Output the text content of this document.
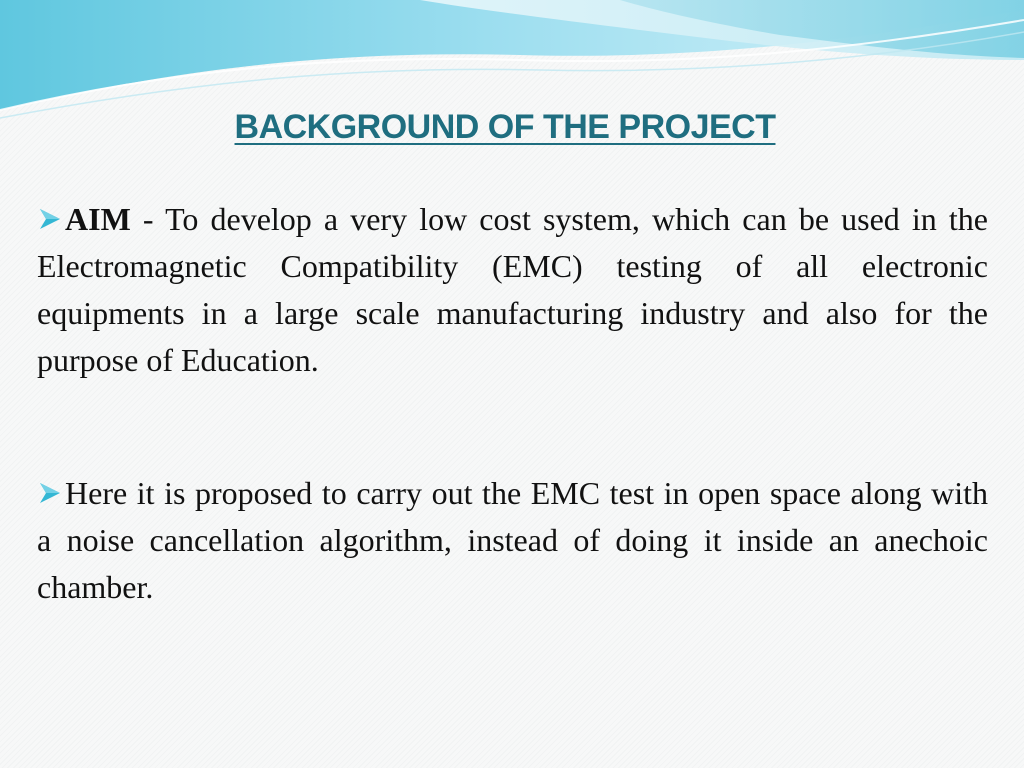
BACKGROUND OF THE PROJECT
AIM - To develop a very low cost system, which can be used in the Electromagnetic Compatibility (EMC) testing of all electronic equipments in a large scale manufacturing industry and also for the purpose of Education.
Here it is proposed to carry out the EMC test in open space along with a noise cancellation algorithm, instead of doing it inside an anechoic chamber.
